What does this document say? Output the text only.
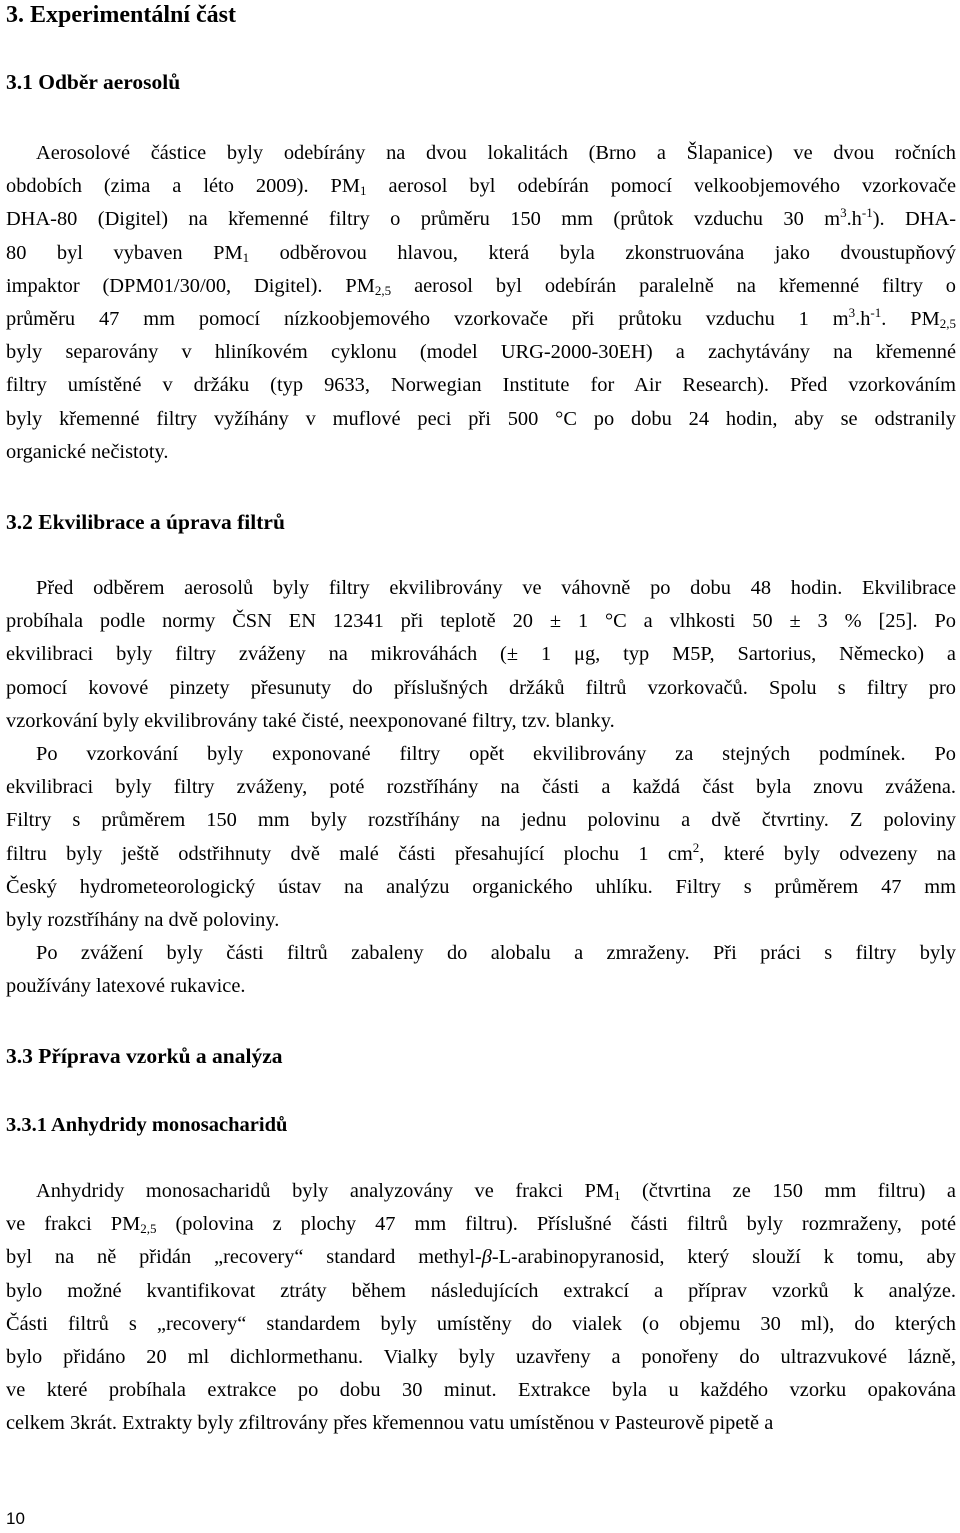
3. Experimentální část
3.1 Odběr aerosolů
Aerosolové částice byly odebírány na dvou lokalitách (Brno a Šlapanice) ve dvou ročních
obdobích (zima a léto 2009). $PM_1$ aerosol byl odebírán pomocí velkoobjemového vzorkovače
DHA-80 (Digitel) na křemenné filtry o průměru 150 mm (průtok vzduchu 30 $m^3.h^{-1}$). DHA-
80 byl vybaven $PM_1$ odběrovou hlavou, která byla zkonstruována jako dvoustupňový
impaktor (DPM01/30/00, Digitel). $PM_{2,5}$ aerosol byl odebírán paralelně na křemenné filtry o
průměru 47 mm pomocí nízkoobjemového vzorkovače při průtoku vzduchu 1 $m^3.h^{-1}$. $PM_{2,5}$
byly separovány v hliníkovém cyklonu (model URG-2000-30EH) a zachytávány na křemenné
filtry umístěné v držáku (typ 9633, Norwegian Institute for Air Research). Před vzorkováním
byly křemenné filtry vyžíhány v muflové peci při 500 °C po dobu 24 hodin, aby se odstranily
organické nečistoty.
3.2 Ekvilibrace a úprava filtrů
Před odběrem aerosolů byly filtry ekvilibrovány ve váhovně po dobu 48 hodin. Ekvilibrace
probíhala podle normy ČSN EN 12341 při teplotě 20 ± 1 °C a vlhkosti 50 ± 3 % [25]. Po
ekvilibraci byly filtry zváženy na mikrováhách (± 1 μg, typ M5P, Sartorius, Německo) a
pomocí kovové pinzety přesunuty do příslušných držáků filtrů vzorkovačů. Spolu s filtry pro
vzorkování byly ekvilibrovány také čisté, neexponované filtry, tzv. blanky.
Po vzorkování byly exponované filtry opět ekvilibrovány za stejných podmínek. Po
ekvilibraci byly filtry zváženy, poté rozstříhány na části a každá část byla znovu zvážena.
Filtry s průměrem 150 mm byly rozstříhány na jednu polovinu a dvě čtvrtiny. Z poloviny
filtru byly ještě odstřihnuty dvě malé části přesahující plochu 1 $cm^2$, které byly odvezeny na
Český hydrometeorologický ústav na analýzu organického uhlíku. Filtry s průměrem 47 mm
byly rozstříhány na dvě poloviny.
Po zvážení byly části filtrů zabaleny do alobalu a zmraženy. Při práci s filtry byly
používány latexové rukavice.
3.3 Příprava vzorků a analýza
3.3.1 Anhydridy monosacharidů
Anhydridy monosacharidů byly analyzovány ve frakci $PM_1$ (čtvrtina ze 150 mm filtru) a
ve frakci $PM_{2,5}$ (polovina z plochy 47 mm filtru). Příslušné části filtrů byly rozmraženy, poté
byl na ně přidán „recovery“ standard methyl-β-L-arabinopyranosid, který slouží k tomu, aby
bylo možné kvantifikovat ztráty během následujících extrakcí a příprav vzorků k analýze.
Části filtrů s „recovery“ standardem byly umístěny do vialek (o objemu 30 ml), do kterých
bylo přidáno 20 ml dichlormethanu. Vialky byly uzavřeny a ponořeny do ultrazvukové lázně,
ve které probíhala extrakce po dobu 30 minut. Extrakce byla u každého vzorku opakována
celkem 3krát. Extrakty byly zfiltrovány přes křemennou vatu umístěnou v Pasteurově pipetě a
10
